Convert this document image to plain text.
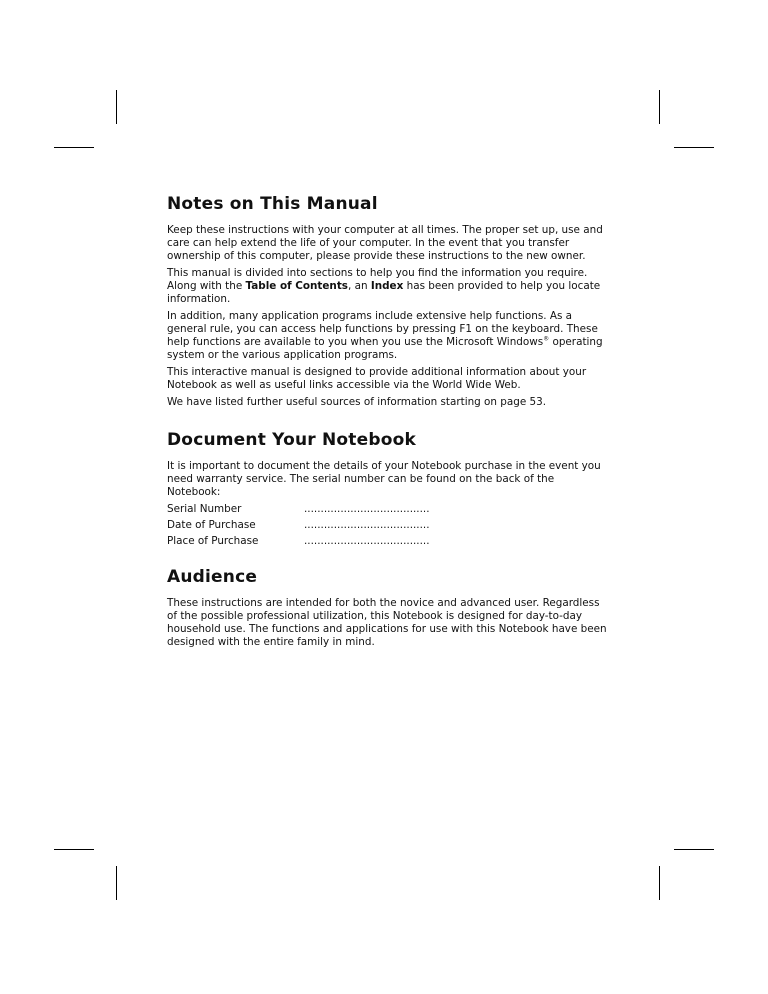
Notes on This Manual

Keep these instructions with your computer at all times. The proper set up, use and care can help extend the life of your computer. In the event that you transfer ownership of this computer, please provide these instructions to the new owner.

This manual is divided into sections to help you find the information you require. Along with the Table of Contents, an Index has been provided to help you locate information.

In addition, many application programs include extensive help functions. As a general rule, you can access help functions by pressing F1 on the keyboard. These help functions are available to you when you use the Microsoft Windows® operating system or the various application programs.

This interactive manual is designed to provide additional information about your Notebook as well as useful links accessible via the World Wide Web.

We have listed further useful sources of information starting on page 53.

Document Your Notebook

It is important to document the details of your Notebook purchase in the event you need warranty service. The serial number can be found on the back of the Notebook:

Serial Number	......................................
Date of Purchase	......................................
Place of Purchase	......................................
Audience

These instructions are intended for both the novice and advanced user. Regardless of the possible professional utilization, this Notebook is designed for day-to-day household use. The functions and applications for use with this Notebook have been designed with the entire family in mind.
